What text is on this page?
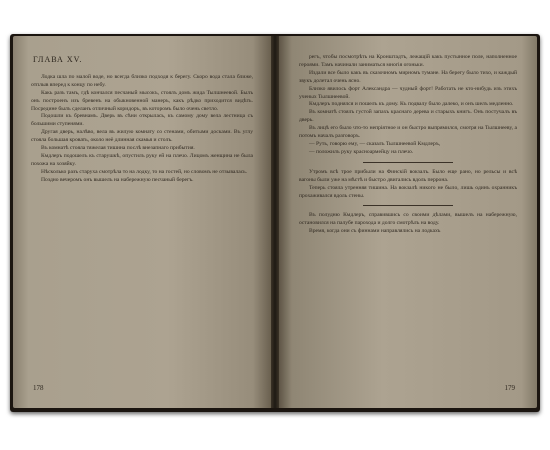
ГЛАВА XV.

Лодка шла по малой воде, но всегда близко подходя к берегу. Скоро вода стала ближе, отплыв вперед к концу по небу.

Какь разъ тамъ, гдѣ кончался песчаный мысокъ, стоялъ домъ жида Тылшнеевой. Былъ онъ построенъ изъ бревенъ на обыкновенной манеръ, какъ рѣдко приходится видѣть. Посредине былъ сделанъ отличный коридоръ, въ которомъ было очень светло.

Подошли къ бревнамъ. Дверь въ сѣни открылась, къ самому дому вела лестница съ большими ступенями.

Другая дверь, налѣво, вела въ жилую комнату со стенами, обитыми досками. Въ углу стояла большая кровать, около неё длинная скамья и столъ.

Въ комнатѣ стояла тяжелая тишина послѣ внезапнаго прибытия.

Кмдлеръ подошелъ къ старушкѣ, опустилъ руку ей на плечо. Лицомъ женщина не была похожа на хозяйку.

Нѣсколько разъ старуха смотрѣла то на лодку, то на гостей, но словомъ не отзывалась.

Поздно вечеромъ онъ вышелъ на набережную песчаный берегъ.

178

регъ, чтобы посмотрѣть на Кронштадтъ, лежащій какъ пустынное поле, наполненное героями. Тамъ начинали заниматься многія огоньки.

Издали все было какъ въ сказочномъ мирномъ тумане. На берегу было тихо, и каждый звукъ долетал очень ясно.

Близко явилось форт Александра — чудный форт! Работать не кто-нибудь изъ этихъ ученых Тылшнеевой.

Кмдлеръ поднялся и пошелъ къ дому. Къ подвалу было далеко, и онъ шелъ медленно.

Въ комнатѣ стоялъ густой запахъ краснаго дерева и старыхъ книгъ. Онъ постучалъ въ дверь.

Въ лицѣ его было что-то непріятное и он быстро выпрямился, смотря на Тылшнееву, а потомъ началъ разговоръ.

— Руть, говорю ему, — сказалъ Тылшнеевой Кмдлеръ,

— положилъ руку красноармейцу на плечо.

Утромъ всѣ трое прибыли на Финскій вокзалъ. Было еще рано, но рельсы и всѣ вагоны были уже на мѣстѣ и быстро двигались вдоль перрона.

Теперь стояла утренняя тишина. На вокзалѣ никого не было, лишь одинъ охранникъ прохаживался вдоль стены.

Въ полудню Кмдлеръ, справившись со своими дѣлами, вышелъ на набережную, остановился на палубе парохода и долго смотрѣлъ на воду.

Время, когда они съ финнами направлялись на лодкахъ

179
